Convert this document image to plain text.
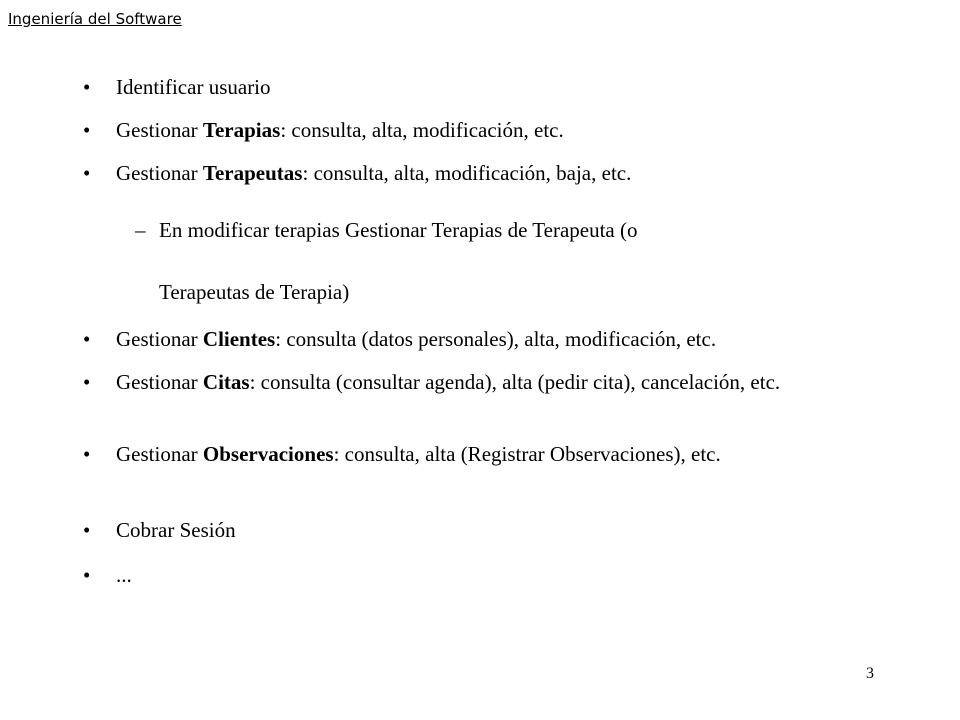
Ingeniería del Software
•	Identificar usuario
•	Gestionar Terapias: consulta, alta, modificación, etc.
•	Gestionar Terapeutas: consulta, alta, modificación, baja, etc.
– En modificar terapias Gestionar Terapias de Terapeuta (o
Terapeutas de Terapia)
•	Gestionar Clientes: consulta (datos personales), alta, modificación, etc.
•	Gestionar Citas: consulta (consultar agenda), alta (pedir cita), cancelación, etc.
•	Gestionar Observaciones: consulta, alta (Registrar Observaciones), etc.
•	Cobrar Sesión
•	...
3
